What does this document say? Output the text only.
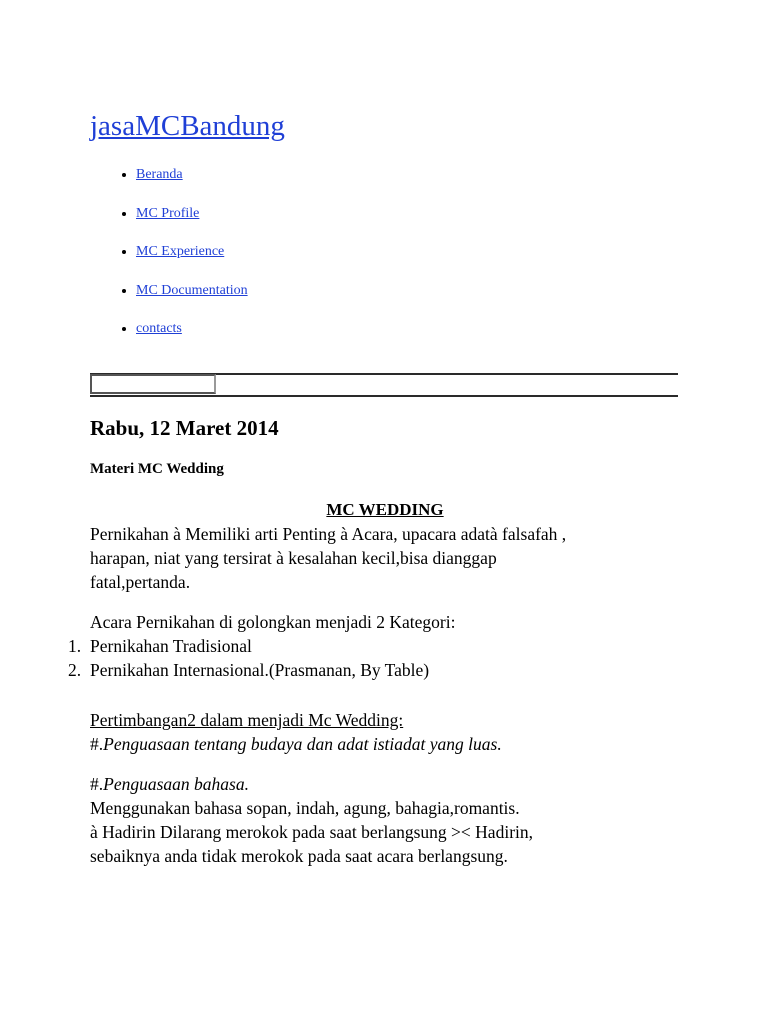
jasaMCBandung
• Beranda
• MC Profile
• MC Experience
• MC Documentation
• contacts
Rabu, 12 Maret 2014
Materi MC Wedding

MC WEDDING

Pernikahan à Memiliki arti Penting à Acara, upacara adatà falsafah ,
harapan, niat yang tersirat à kesalahan kecil,bisa dianggap
fatal,pertanda.

Acara Pernikahan di golongkan menjadi 2 Kategori:

1. Pernikahan Tradisional
2. Pernikahan Internasional.(Prasmanan, By Table)

Pertimbangan2 dalam menjadi Mc Wedding:

#.Penguasaan tentang budaya dan adat istiadat yang luas.

#.Penguasaan bahasa.

Menggunakan bahasa sopan, indah, agung, bahagia,romantis.

à Hadirin Dilarang merokok pada saat berlangsung >< Hadirin,

sebaiknya anda tidak merokok pada saat acara berlangsung.
